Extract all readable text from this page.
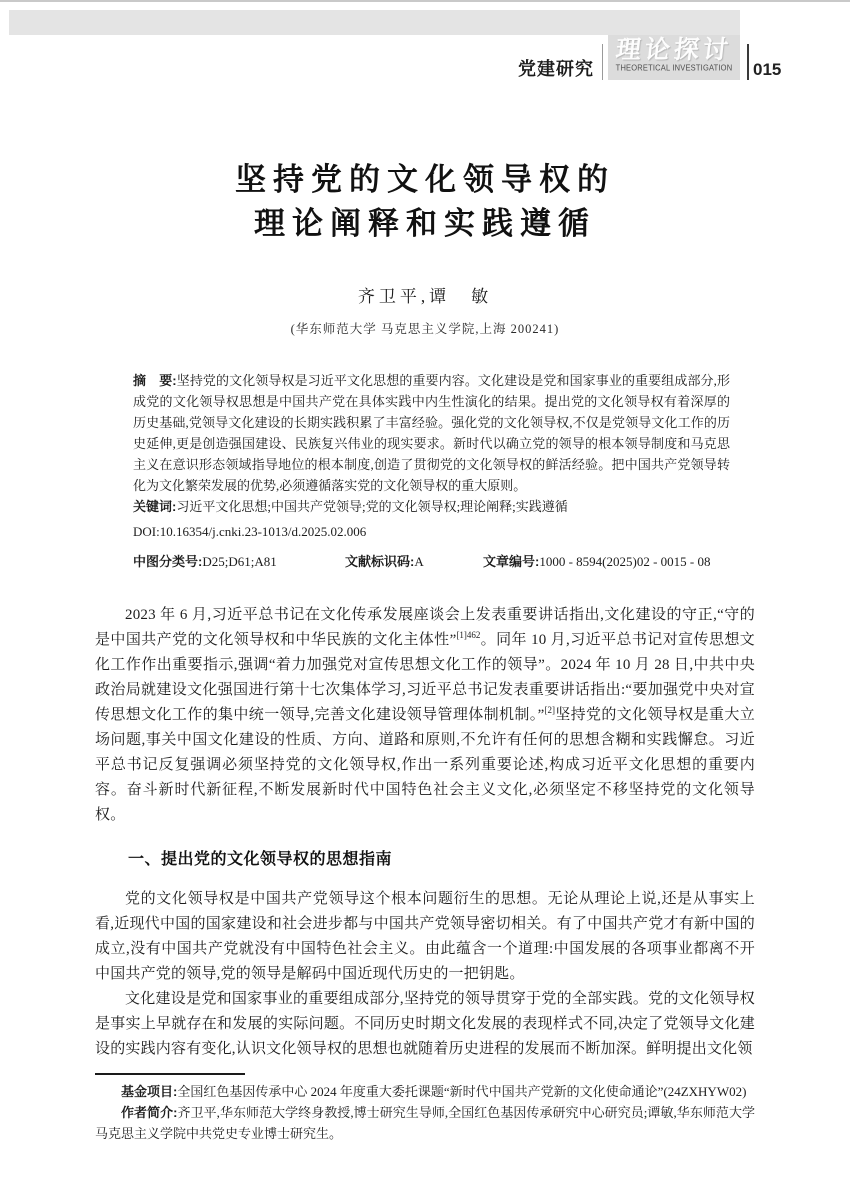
党建研究
理论探讨
THEORETICAL INVESTIGATION	015
坚持党的文化领导权的
理论阐释和实践遵循
齐卫平,谭　敏
(华东师范大学 马克思主义学院,上海 200241)

摘　要:坚持党的文化领导权是习近平文化思想的重要内容。文化建设是党和国家事业的重要组成部分,形成党的文化领导权思想是中国共产党在具体实践中内生性演化的结果。提出党的文化领导权有着深厚的历史基础,党领导文化建设的长期实践积累了丰富经验。强化党的文化领导权,不仅是党领导文化工作的历史延伸,更是创造强国建设、民族复兴伟业的现实要求。新时代以确立党的领导的根本领导制度和马克思主义在意识形态领域指导地位的根本制度,创造了贯彻党的文化领导权的鲜活经验。把中国共产党领导转化为文化繁荣发展的优势,必须遵循落实党的文化领导权的重大原则。

关键词:习近平文化思想;中国共产党领导;党的文化领导权;理论阐释;实践遵循

DOI:10.16354/j.cnki.23-1013/d.2025.02.006

中图分类号:D25;D61;A81	文献标识码:A	文章编号:1000 - 8594(2025)02 - 0015 - 08

2023 年 6 月,习近平总书记在文化传承发展座谈会上发表重要讲话指出,文化建设的守正,“守的是中国共产党的文化领导权和中华民族的文化主体性”$^{[1]462}$。同年 10 月,习近平总书记对宣传思想文化工作作出重要指示,强调“着力加强党对宣传思想文化工作的领导”。2024 年 10 月 28 日,中共中央政治局就建设文化强国进行第十七次集体学习,习近平总书记发表重要讲话指出:“要加强党中央对宣传思想文化工作的集中统一领导,完善文化建设领导管理体制机制。”[2]坚持党的文化领导权是重大立场问题,事关中国文化建设的性质、方向、道路和原则,不允许有任何的思想含糊和实践懈怠。习近平总书记反复强调必须坚持党的文化领导权,作出一系列重要论述,构成习近平文化思想的重要内容。奋斗新时代新征程,不断发展新时代中国特色社会主义文化,必须坚定不移坚持党的文化领导权。

一、提出党的文化领导权的思想指南

党的文化领导权是中国共产党领导这个根本问题衍生的思想。无论从理论上说,还是从事实上看,近现代中国的国家建设和社会进步都与中国共产党领导密切相关。有了中国共产党才有新中国的成立,没有中国共产党就没有中国特色社会主义。由此蕴含一个道理:中国发展的各项事业都离不开中国共产党的领导,党的领导是解码中国近现代历史的一把钥匙。

文化建设是党和国家事业的重要组成部分,坚持党的领导贯穿于党的全部实践。党的文化领导权是事实上早就存在和发展的实际问题。不同历史时期文化发展的表现样式不同,决定了党领导文化建设的实践内容有变化,认识文化领导权的思想也就随着历史进程的发展而不断加深。鲜明提出文化领

基金项目:全国红色基因传承中心 2024 年度重大委托课题“新时代中国共产党新的文化使命通论”(24ZXHYW02)

作者简介:齐卫平,华东师范大学终身教授,博士研究生导师,全国红色基因传承研究中心研究员;谭敏,华东师范大学马克思主义学院中共党史专业博士研究生。
